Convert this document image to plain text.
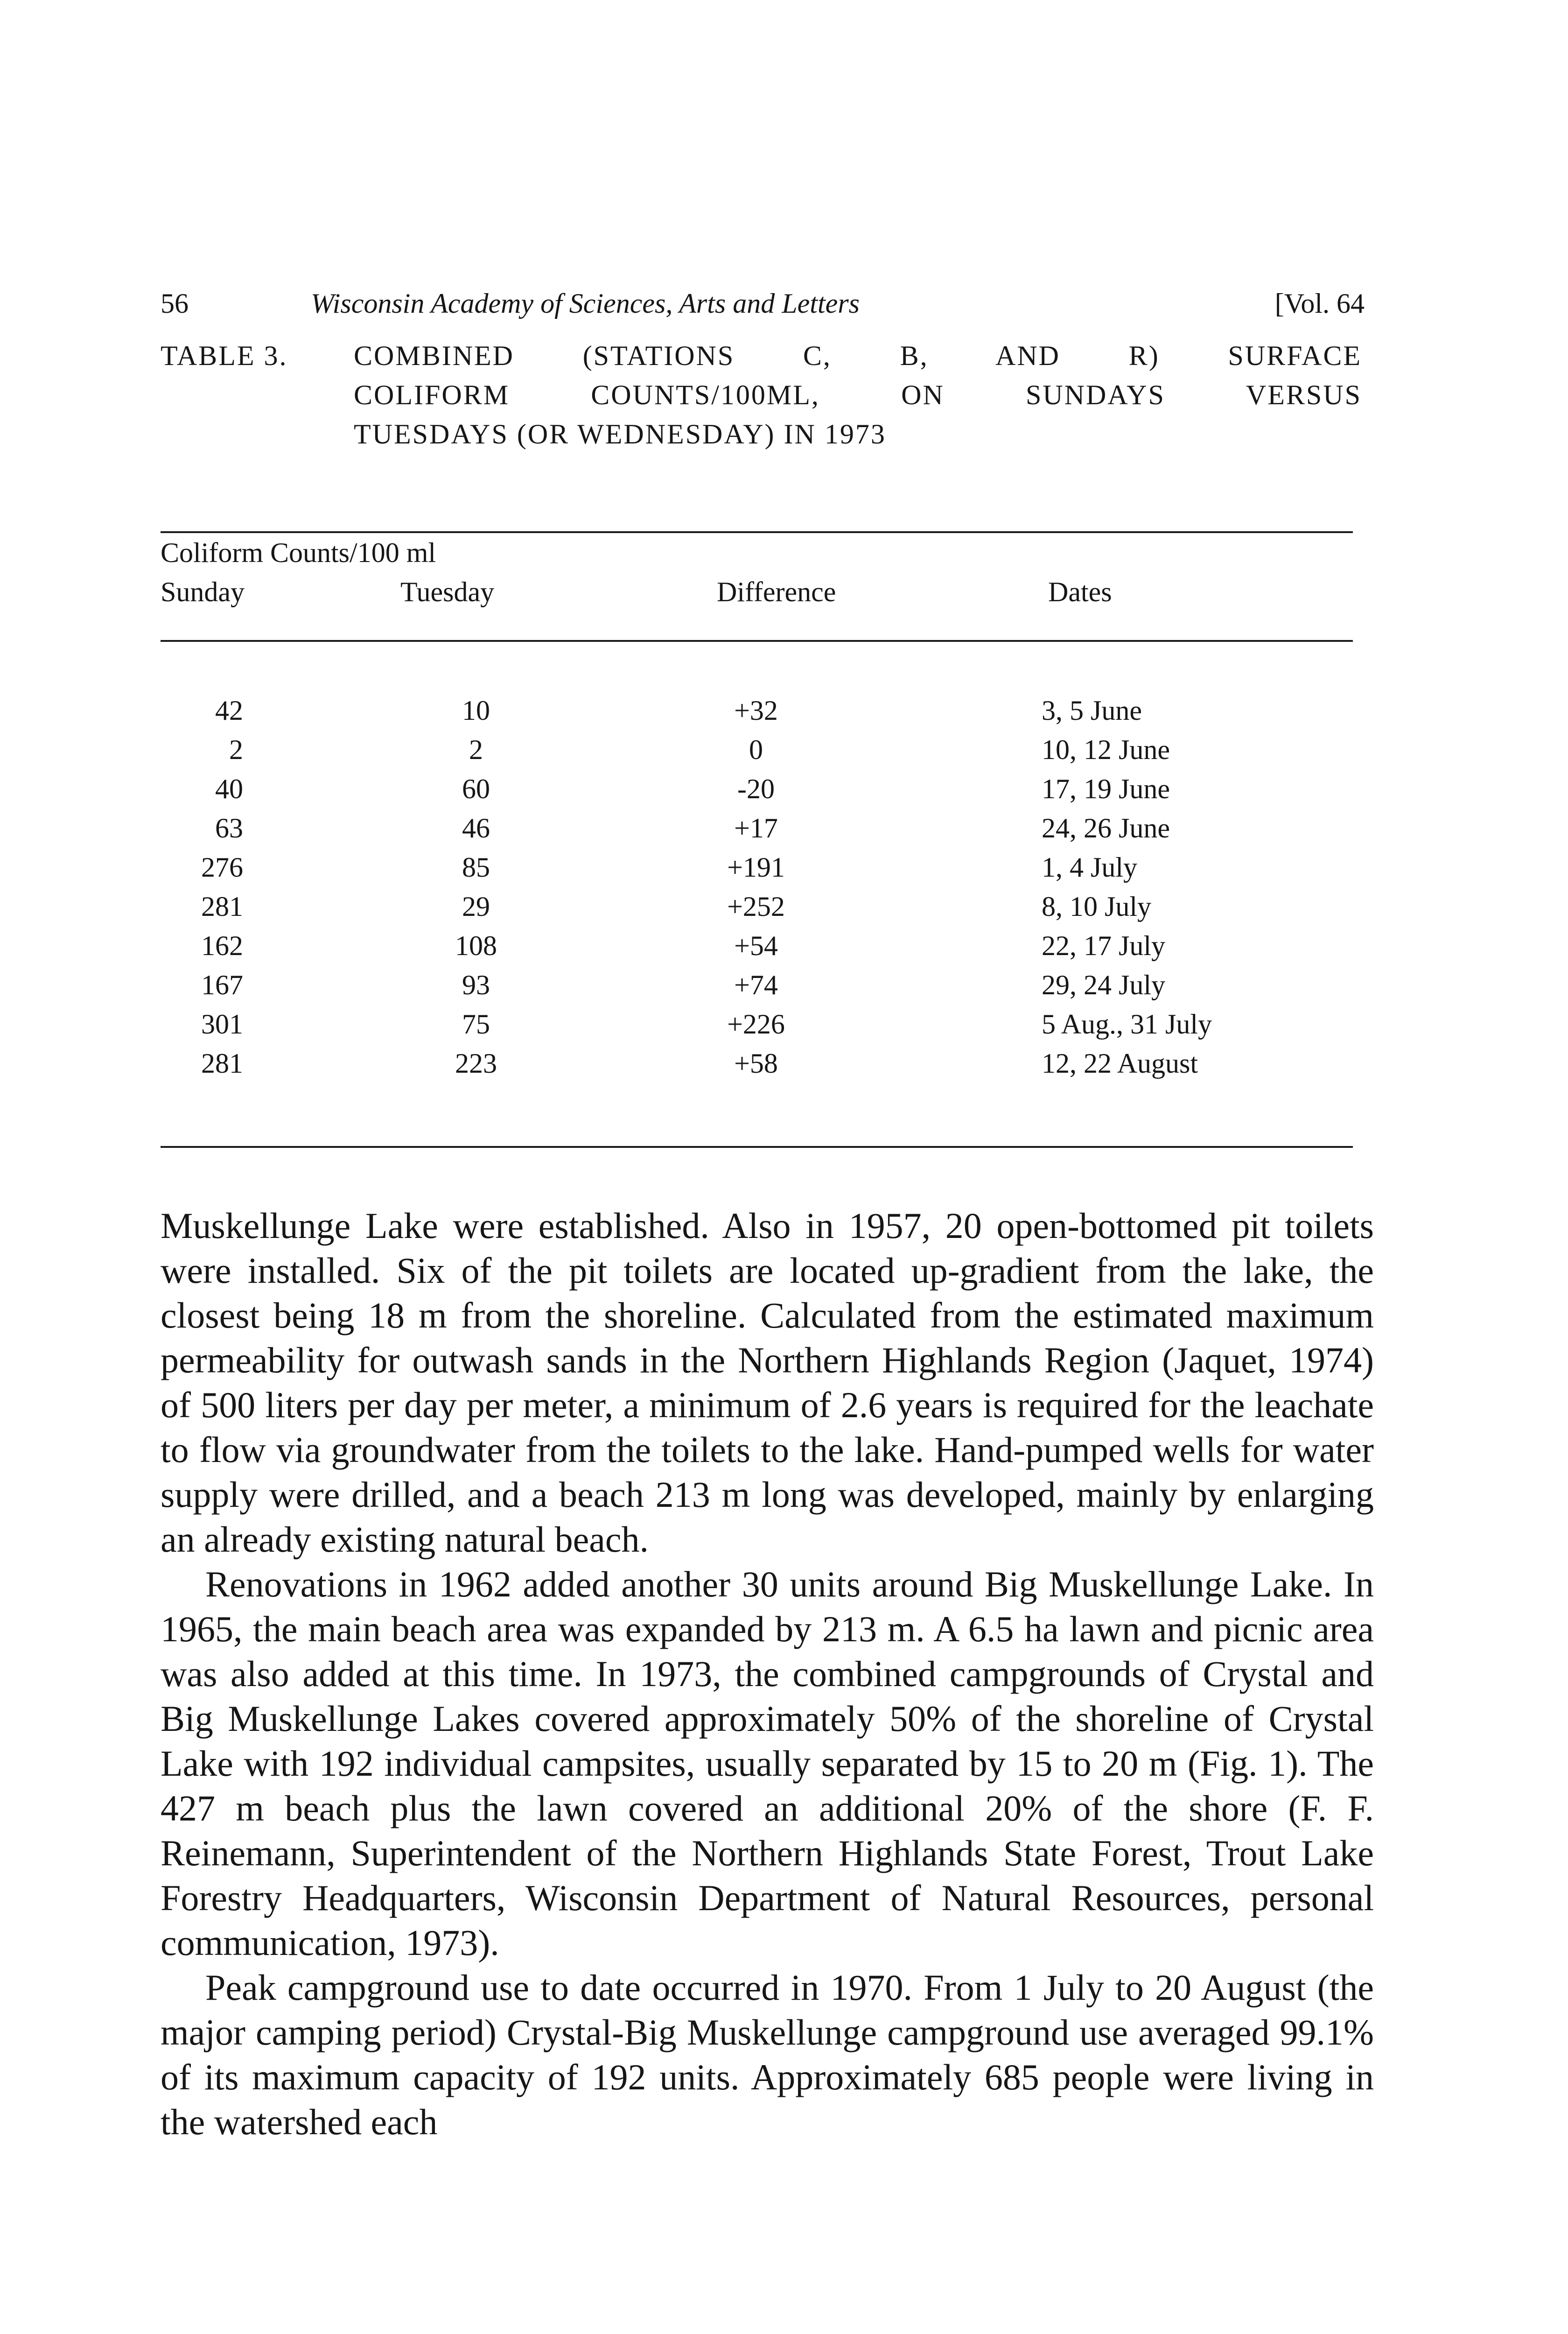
56	Wisconsin Academy of Sciences, Arts and Letters	[Vol. 64
TABLE 3. COMBINED (STATIONS C, B, AND R) SURFACE
COLIFORM COUNTS/100ML, ON SUNDAYS VERSUS
TUESDAYS (OR WEDNESDAY) IN 1973
Coliform Counts/100 ml
Sunday	Tuesday	Difference	Dates
42	10	+32	3, 5 June
2	2	0	10, 12 June
40	60	-20	17, 19 June
63	46	+17	24, 26 June
276	85	+191	1, 4 July
281	29	+252	8, 10 July
162	108	+54	22, 17 July
167	93	+74	29, 24 July
301	75	+226	5 Aug., 31 July
281	223	+58	12, 22 August

Muskellunge Lake were established. Also in 1957, 20 open-bottomed pit toilets were installed. Six of the pit toilets are located up-gradient from the lake, the closest being 18 m from the shoreline. Calculated from the estimated maximum permeability for outwash sands in the Northern Highlands Region (Jaquet, 1974) of 500 liters per day per meter, a minimum of 2.6 years is required for the leachate to flow via groundwater from the toilets to the lake. Hand-pumped wells for water supply were drilled, and a beach 213 m long was developed, mainly by enlarging an already existing natural beach.

Renovations in 1962 added another 30 units around Big Muskellunge Lake. In 1965, the main beach area was expanded by 213 m. A 6.5 ha lawn and picnic area was also added at this time. In 1973, the combined campgrounds of Crystal and Big Muskellunge Lakes covered approximately 50% of the shoreline of Crystal Lake with 192 individual campsites, usually separated by 15 to 20 m (Fig. 1). The 427 m beach plus the lawn covered an additional 20% of the shore (F. F. Reinemann, Superintendent of the Northern Highlands State Forest, Trout Lake Forestry Headquarters, Wisconsin Department of Natural Resources, personal communication, 1973).

Peak campground use to date occurred in 1970. From 1 July to 20 August (the major camping period) Crystal-Big Muskellunge campground use averaged 99.1% of its maximum capacity of 192 units. Approximately 685 people were living in the watershed each
